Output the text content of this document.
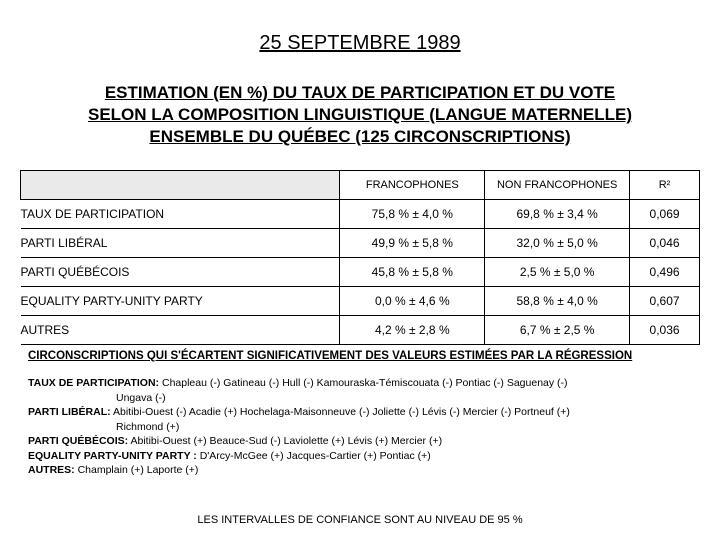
25 SEPTEMBRE 1989
ESTIMATION (EN %) DU TAUX DE PARTICIPATION ET DU VOTE
SELON LA COMPOSITION LINGUISTIQUE (LANGUE MATERNELLE)
ENSEMBLE DU QUÉBEC (125 CIRCONSCRIPTIONS)
	FRANCOPHONES	NON FRANCOPHONES	R²
TAUX DE PARTICIPATION	75,8 % ± 4,0 %	69,8 % ± 3,4 %	0,069
PARTI LIBÉRAL	49,9 % ± 5,8 %	32,0 % ± 5,0 %	0,046
PARTI QUÉBÉCOIS	45,8 % ± 5,8 %	2,5 % ± 5,0 %	0,496
EQUALITY PARTY-UNITY PARTY	0,0 % ± 4,6 %	58,8 % ± 4,0 %	0,607
AUTRES	4,2 % ± 2,8 %	6,7 % ± 2,5 %	0,036
CIRCONSCRIPTIONS QUI S'ÉCARTENT SIGNIFICATIVEMENT DES VALEURS ESTIMÉES PAR LA RÉGRESSION
TAUX DE PARTICIPATION: Chapleau (-) Gatineau (-) Hull (-) Kamouraska-Témiscouata (-) Pontiac (-) Saguenay (-)
Ungava (-)
PARTI LIBÉRAL: Abitibi-Ouest (-) Acadie (+) Hochelaga-Maisonneuve (-) Joliette (-) Lévis (-) Mercier (-) Portneuf (+)
Richmond (+)
PARTI QUÉBÉCOIS: Abitibi-Ouest (+) Beauce-Sud (-) Laviolette (+) Lévis (+) Mercier (+)
EQUALITY PARTY-UNITY PARTY : D'Arcy-McGee (+) Jacques-Cartier (+) Pontiac (+)
AUTRES: Champlain (+) Laporte (+)
LES INTERVALLES DE CONFIANCE SONT AU NIVEAU DE 95 %
